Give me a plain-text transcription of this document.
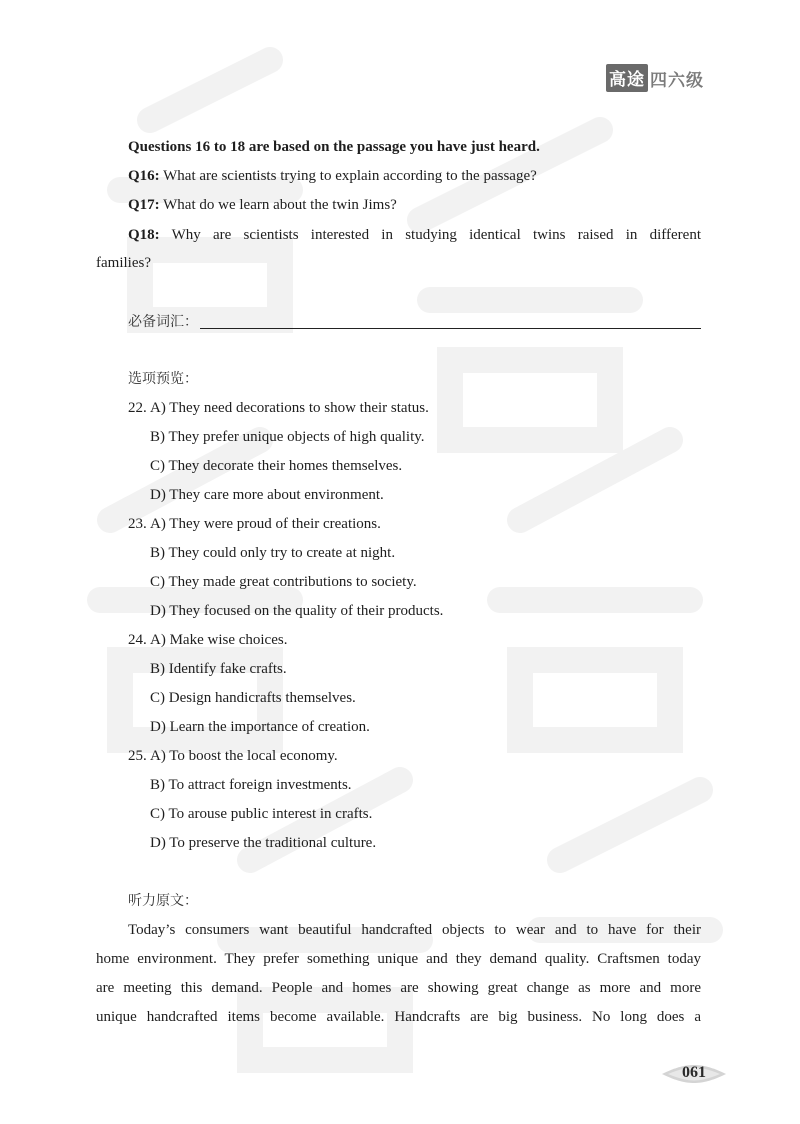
高途 四六级
Questions 16 to 18 are based on the passage you have just heard.
Q16: What are scientists trying to explain according to the passage?
Q17: What do we learn about the twin Jims?
Q18: Why are scientists interested in studying identical twins raised in different
families?
必备词汇：
选项预览：
22. A) They need decorations to show their status.
B) They prefer unique objects of high quality.
C) They decorate their homes themselves.
D) They care more about environment.
23. A) They were proud of their creations.
B) They could only try to create at night.
C) They made great contributions to society.
D) They focused on the quality of their products.
24. A) Make wise choices.
B) Identify fake crafts.
C) Design handicrafts themselves.
D) Learn the importance of creation.
25. A) To boost the local economy.
B) To attract foreign investments.
C) To arouse public interest in crafts.
D) To preserve the traditional culture.
听力原文：
Today’s consumers want beautiful handcrafted objects to wear and to have for their
home environment. They prefer something unique and they demand quality. Craftsmen today
are meeting this demand. People and homes are showing great change as more and more
unique handcrafted items become available. Handcrafts are big business. No long does a
061
